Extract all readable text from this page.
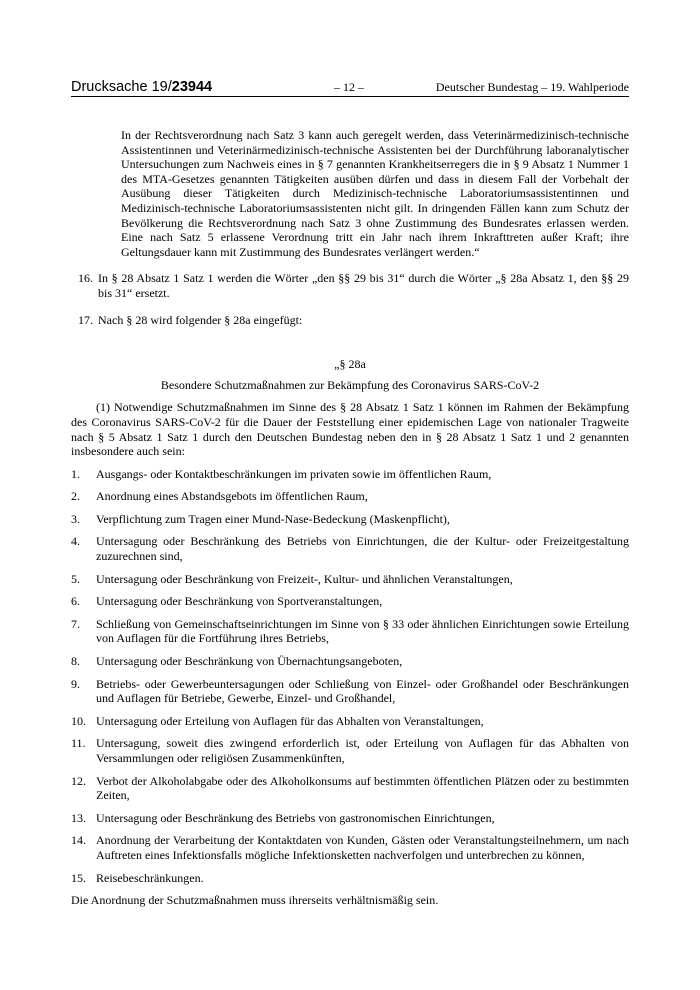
Drucksache 19/23944	– 12 –	Deutscher Bundestag – 19. Wahlperiode

In der Rechtsverordnung nach Satz 3 kann auch geregelt werden, dass Veterinärmedizinisch-technische Assistentinnen und Veterinärmedizinisch-technische Assistenten bei der Durchführung laboranalytischer Untersuchungen zum Nachweis eines in § 7 genannten Krankheitserregers die in § 9 Absatz 1 Nummer 1 des MTA-Gesetzes genannten Tätigkeiten ausüben dürfen und dass in diesem Fall der Vorbehalt der Ausübung dieser Tätigkeiten durch Medizinisch-technische Laboratoriumsassistentinnen und Medizinisch-technische Laboratoriumsassistenten nicht gilt. In dringenden Fällen kann zum Schutz der Bevölkerung die Rechtsverordnung nach Satz 3 ohne Zustimmung des Bundesrates erlassen werden. Eine nach Satz 5 erlassene Verordnung tritt ein Jahr nach ihrem Inkrafttreten außer Kraft; ihre Geltungsdauer kann mit Zustimmung des Bundesrates verlängert werden.“

16. In § 28 Absatz 1 Satz 1 werden die Wörter „den §§ 29 bis 31“ durch die Wörter „§ 28a Absatz 1, den §§ 29 bis 31“ ersetzt.
17. Nach § 28 wird folgender § 28a eingefügt:
„§ 28a
Besondere Schutzmaßnahmen zur Bekämpfung des Coronavirus SARS-CoV-2

(1) Notwendige Schutzmaßnahmen im Sinne des § 28 Absatz 1 Satz 1 können im Rahmen der Bekämpfung des Coronavirus SARS-CoV-2 für die Dauer der Feststellung einer epidemischen Lage von nationaler Tragweite nach § 5 Absatz 1 Satz 1 durch den Deutschen Bundestag neben den in § 28 Absatz 1 Satz 1 und 2 genannten insbesondere auch sein:

1. Ausgangs- oder Kontaktbeschränkungen im privaten sowie im öffentlichen Raum,
2. Anordnung eines Abstandsgebots im öffentlichen Raum,
3. Verpflichtung zum Tragen einer Mund-Nase-Bedeckung (Maskenpflicht),
4. Untersagung oder Beschränkung des Betriebs von Einrichtungen, die der Kultur- oder Freizeitgestaltung zuzurechnen sind,
5. Untersagung oder Beschränkung von Freizeit-, Kultur- und ähnlichen Veranstaltungen,
6. Untersagung oder Beschränkung von Sportveranstaltungen,
7. Schließung von Gemeinschaftseinrichtungen im Sinne von § 33 oder ähnlichen Einrichtungen sowie Erteilung von Auflagen für die Fortführung ihres Betriebs,
8. Untersagung oder Beschränkung von Übernachtungsangeboten,
9. Betriebs- oder Gewerbeuntersagungen oder Schließung von Einzel- oder Großhandel oder Beschränkungen und Auflagen für Betriebe, Gewerbe, Einzel- und Großhandel,
10. Untersagung oder Erteilung von Auflagen für das Abhalten von Veranstaltungen,
11. Untersagung, soweit dies zwingend erforderlich ist, oder Erteilung von Auflagen für das Abhalten von Versammlungen oder religiösen Zusammenkünften,
12. Verbot der Alkoholabgabe oder des Alkoholkonsums auf bestimmten öffentlichen Plätzen oder zu bestimmten Zeiten,
13. Untersagung oder Beschränkung des Betriebs von gastronomischen Einrichtungen,
14. Anordnung der Verarbeitung der Kontaktdaten von Kunden, Gästen oder Veranstaltungsteilnehmern, um nach Auftreten eines Infektionsfalls mögliche Infektionsketten nachverfolgen und unterbrechen zu können,
15. Reisebeschränkungen.

Die Anordnung der Schutzmaßnahmen muss ihrerseits verhältnismäßig sein.
